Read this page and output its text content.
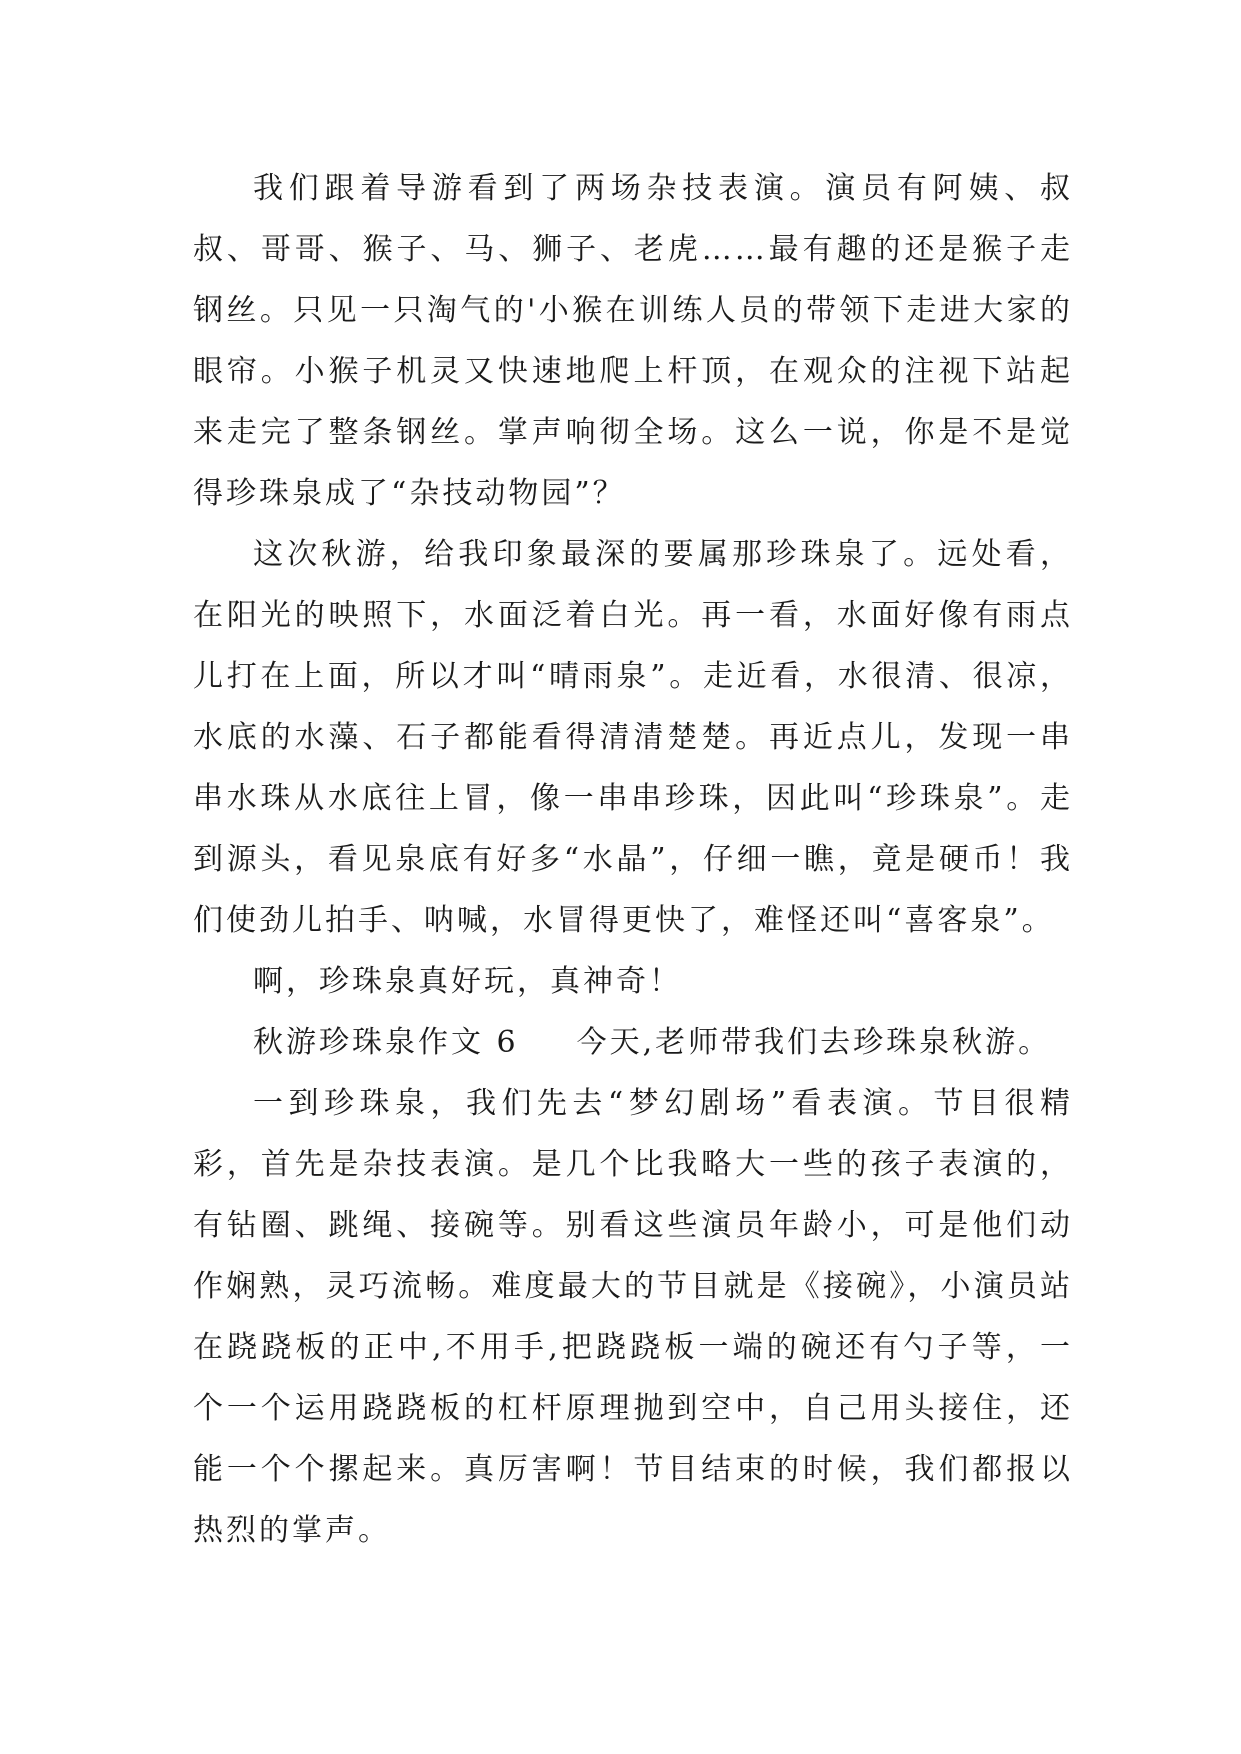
我们跟着导游看到了两场杂技表演。演员有阿姨、叔叔、哥哥、猴子、马、狮子、老虎……最有趣的还是猴子走钢丝。只见一只淘气的'小猴在训练人员的带领下走进大家的眼帘。小猴子机灵又快速地爬上杆顶，在观众的注视下站起来走完了整条钢丝。掌声响彻全场。这么一说，你是不是觉得珍珠泉成了“杂技动物园”？

这次秋游，给我印象最深的要属那珍珠泉了。远处看，在阳光的映照下，水面泛着白光。再一看，水面好像有雨点儿打在上面，所以才叫“晴雨泉”。走近看，水很清、很凉，水底的水藻、石子都能看得清清楚楚。再近点儿，发现一串串水珠从水底往上冒，像一串串珍珠，因此叫“珍珠泉”。走到源头，看见泉底有好多“水晶”，仔细一瞧，竟是硬币！我们使劲儿拍手、呐喊，水冒得更快了，难怪还叫“喜客泉”。

啊，珍珠泉真好玩，真神奇！

秋游珍珠泉作文 6 今天,老师带我们去珍珠泉秋游。

一到珍珠泉，我们先去“梦幻剧场”看表演。节目很精彩，首先是杂技表演。是几个比我略大一些的孩子表演的，有钻圈、跳绳、接碗等。别看这些演员年龄小，可是他们动作娴熟，灵巧流畅。难度最大的节目就是《接碗》，小演员站在跷跷板的正中,不用手,把跷跷板一端的碗还有勺子等，一个一个运用跷跷板的杠杆原理抛到空中，自己用头接住，还能一个个摞起来。真厉害啊！节目结束的时候，我们都报以热烈的掌声。
